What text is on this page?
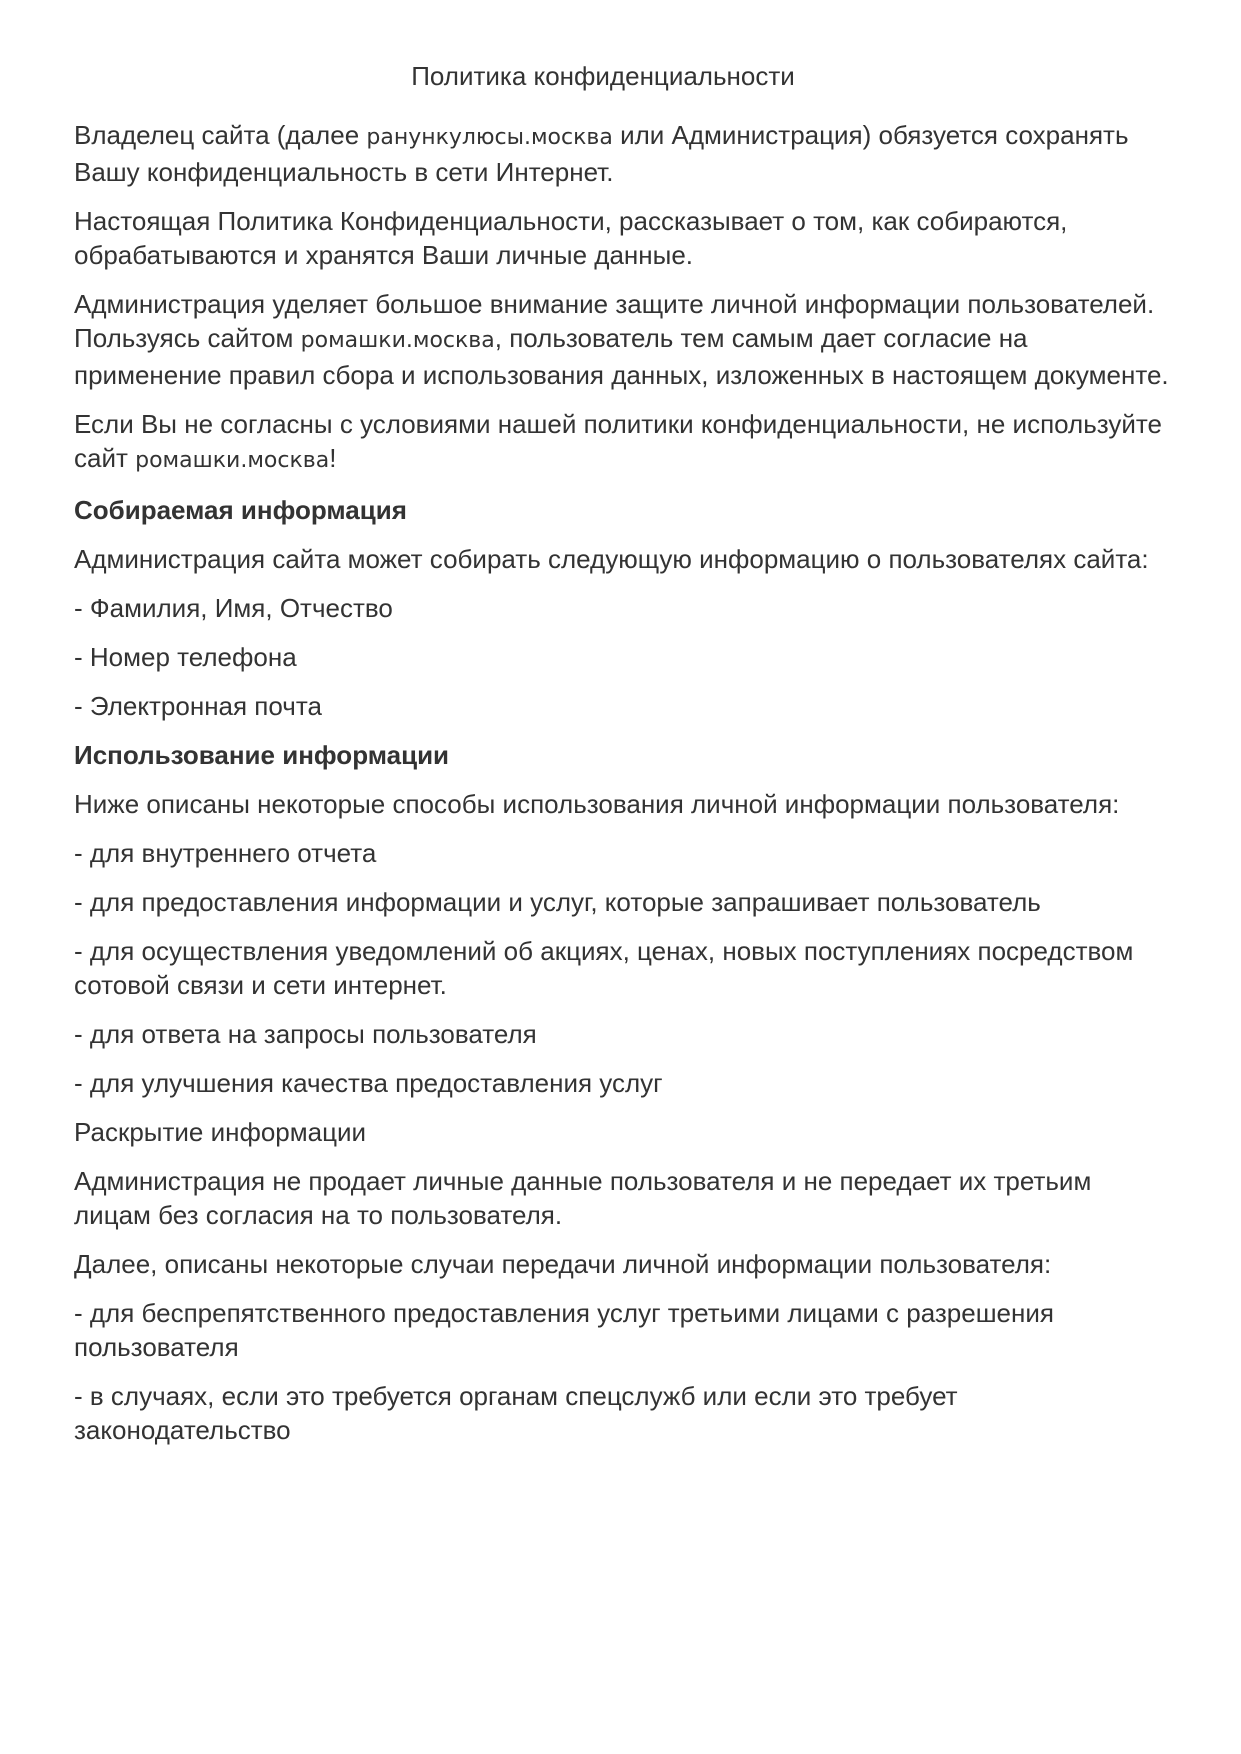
Политика конфиденциальности
Владелец сайта (далее ранункулюсы.москва или Администрация) обязуется сохранять Вашу конфиденциальность в сети Интернет.
Настоящая Политика Конфиденциальности, рассказывает о том, как собираются, обрабатываются и хранятся Ваши личные данные.
Администрация уделяет большое внимание защите личной информации пользователей. Пользуясь сайтом ромашки.москва, пользователь тем самым дает согласие на применение правил сбора и использования данных, изложенных в настоящем документе.
Если Вы не согласны с условиями нашей политики конфиденциальности, не используйте сайт ромашки.москва!
Собираемая информация
Администрация сайта может собирать следующую информацию о пользователях сайта:
- Фамилия, Имя, Отчество
- Номер телефона
- Электронная почта
Использование информации
Ниже описаны некоторые способы использования личной информации пользователя:
- для внутреннего отчета
- для предоставления информации и услуг, которые запрашивает пользователь
- для осуществления уведомлений об акциях, ценах, новых поступлениях посредством сотовой связи и сети интернет.
- для ответа на запросы пользователя
- для улучшения качества предоставления услуг
Раскрытие информации
Администрация не продает личные данные пользователя и не передает их третьим лицам без согласия на то пользователя.
Далее, описаны некоторые случаи передачи личной информации пользователя:
- для беспрепятственного предоставления услуг третьими лицами с разрешения пользователя
- в случаях, если это требуется органам спецслужб или если это требует законодательство
